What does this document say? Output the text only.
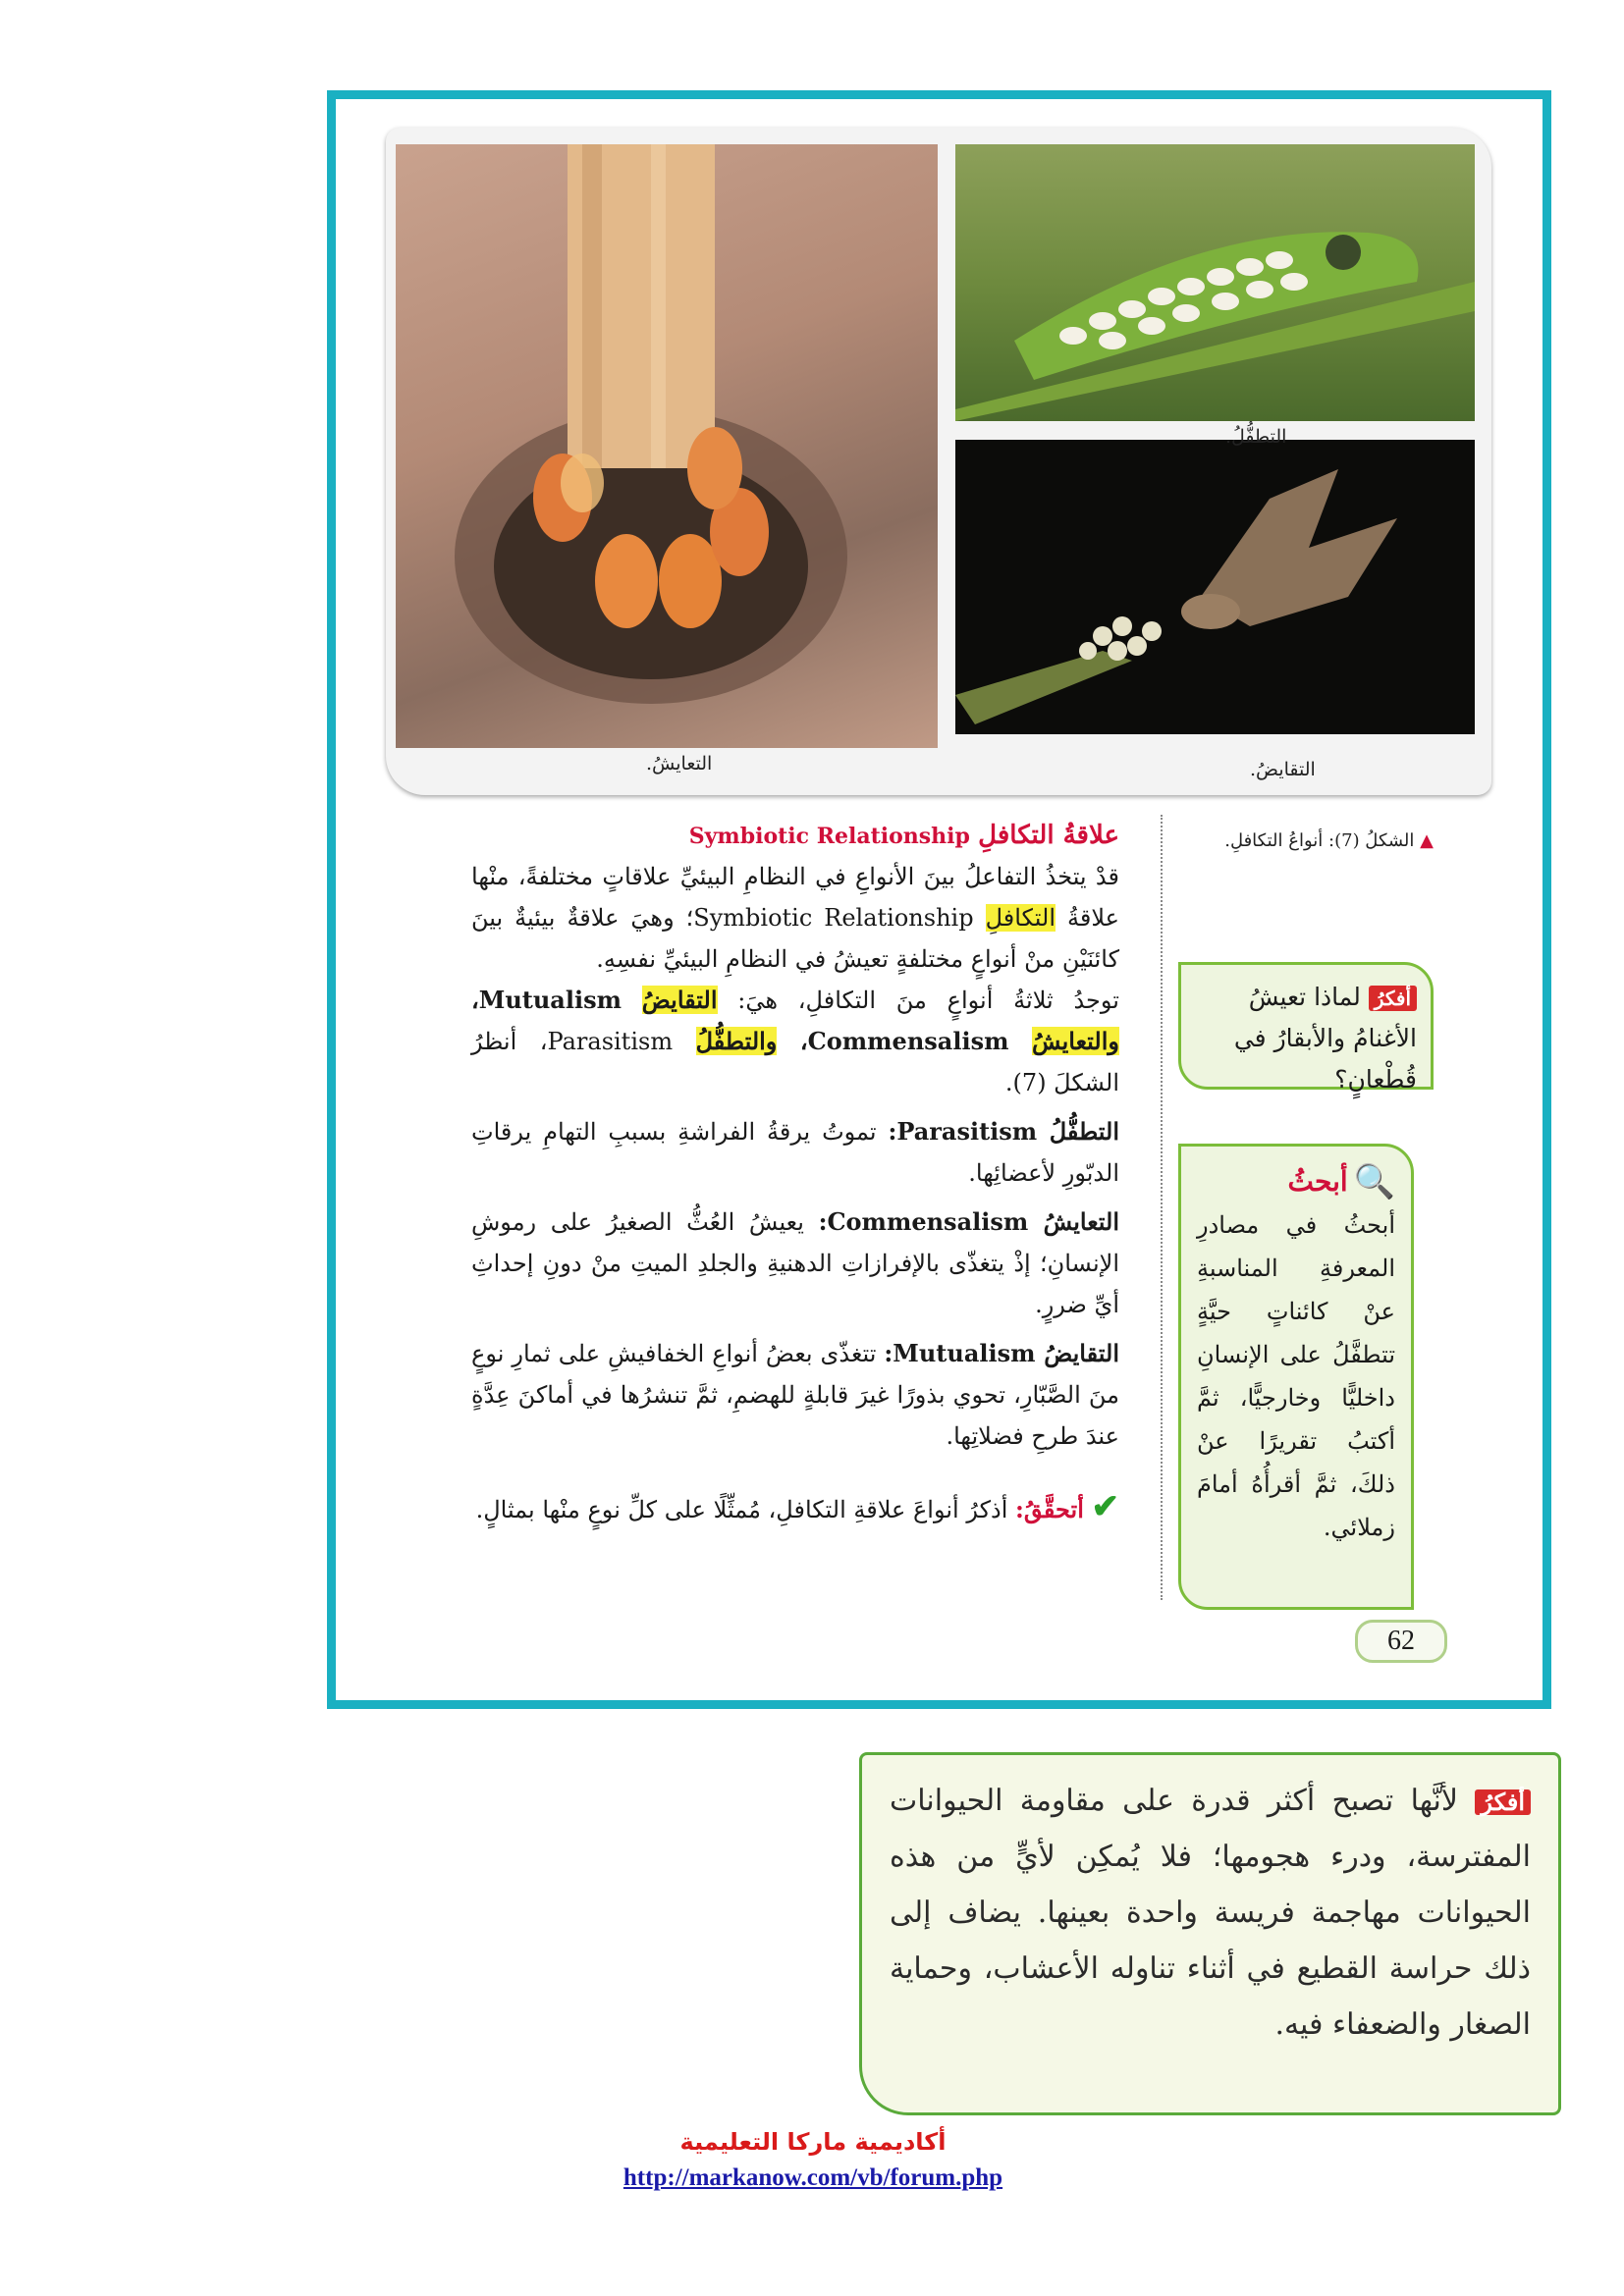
التطفُّلُ.
التقايضُ.
التعايشُ.
▲ الشكلُ (7): أنواعُ التكافلِ.
علاقةُ التكافلِ Symbiotic Relationship
قدْ يتخذُ التفاعلُ بينَ الأنواعِ في النظامِ البيئيِّ علاقاتٍ مختلفةً، منْها علاقةُ التكافلِ Symbiotic Relationship؛ وهيَ علاقةٌ بيئيةٌ بينَ كائنَيْنِ منْ أنواعٍ مختلفةٍ تعيشُ في النظامِ البيئيِّ نفسِهِ.
توجدُ ثلاثةُ أنواعٍ منَ التكافلِ، هيَ: التقايضُ Mutualism، والتعايشُ Commensalism، والتطفُّلُ Parasitism، أنظرُ الشكلَ (7).
التطفُّلُ Parasitism: تموتُ يرقةُ الفراشةِ بسببِ التهامِ يرقاتِ الدبّورِ لأعضائِها.
التعايشُ Commensalism: يعيشُ العُثُّ الصغيرُ على رموشِ الإنسانِ؛ إذْ يتغذّى بالإفرازاتِ الدهنيةِ والجلدِ الميتِ منْ دونِ إحداثِ أيِّ ضررٍ.
التقايضُ Mutualism: تتغذّى بعضُ أنواعِ الخفافيشِ على ثمارِ نوعٍ منَ الصَّبّارِ، تحوي بذورًا غيرَ قابلةٍ للهضمِ، ثمَّ تنشرُها في أماكنَ عِدَّةٍ عندَ طرحِ فضلاتِها.
✔ أتحقَّقُ: أذكرُ أنواعَ علاقةِ التكافلِ، مُمثِّلًا على كلِّ نوعٍ منْها بمثالٍ.
أفكرُ لماذا تعيشُ الأغنامُ والأبقارُ في قُطْعانٍ؟
🔍
أبحثُ
أبحثُ في مصادرِ المعرفةِ المناسبةِ عنْ كائناتٍ حيَّةٍ تتطفَّلُ على الإنسانِ داخليًّا وخارجيًّا، ثمَّ أكتبُ تقريرًا عنْ ذلكَ، ثمَّ أقرأُهُ أمامَ زملائي.
62
أفكرُ لأنَّها تصبح أكثر قدرة على مقاومة الحيوانات المفترسة، ودرء هجومها؛ فلا يُمكِن لأيٍّ من هذه الحيوانات مهاجمة فريسة واحدة بعينها. يضاف إلى ذلك حراسة القطيع في أثناء تناوله الأعشاب، وحماية الصغار والضعفاء فيه.
أكاديمية ماركا التعليمية
http://markanow.com/vb/forum.php
